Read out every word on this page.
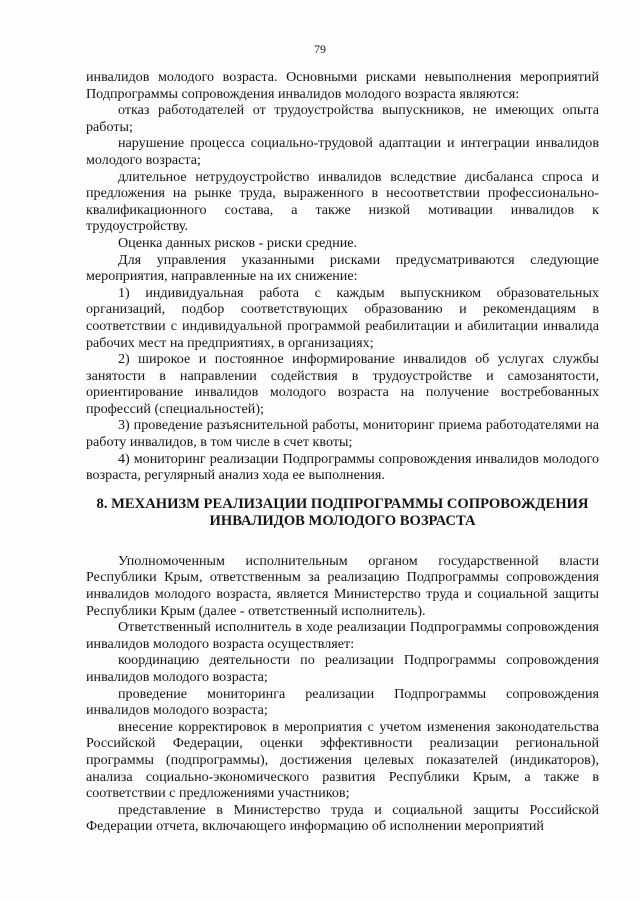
79

инвалидов молодого возраста. Основными рисками невыполнения мероприятий Подпрограммы сопровождения инвалидов молодого возраста являются:

отказ работодателей от трудоустройства выпускников, не имеющих опыта работы;

нарушение процесса социально-трудовой адаптации и интеграции инвалидов молодого возраста;

длительное нетрудоустройство инвалидов вследствие дисбаланса спроса и предложения на рынке труда, выраженного в несоответствии профессионально-квалификационного состава, а также низкой мотивации инвалидов к трудоустройству.

Оценка данных рисков - риски средние.

Для управления указанными рисками предусматриваются следующие мероприятия, направленные на их снижение:

1) индивидуальная работа с каждым выпускником образовательных организаций, подбор соответствующих образованию и рекомендациям в соответствии с индивидуальной программой реабилитации и абилитации инвалида рабочих мест на предприятиях, в организациях;

2) широкое и постоянное информирование инвалидов об услугах службы занятости в направлении содействия в трудоустройстве и самозанятости, ориентирование инвалидов молодого возраста на получение востребованных профессий (специальностей);

3) проведение разъяснительной работы, мониторинг приема работодателями на работу инвалидов, в том числе в счет квоты;

4) мониторинг реализации Подпрограммы сопровождения инвалидов молодого возраста, регулярный анализ хода ее выполнения.

8. МЕХАНИЗМ РЕАЛИЗАЦИИ ПОДПРОГРАММЫ СОПРОВОЖДЕНИЯ
ИНВАЛИДОВ МОЛОДОГО ВОЗРАСТА

Уполномоченным исполнительным органом государственной власти Республики Крым, ответственным за реализацию Подпрограммы сопровождения инвалидов молодого возраста, является Министерство труда и социальной защиты Республики Крым (далее - ответственный исполнитель).

Ответственный исполнитель в ходе реализации Подпрограммы сопровождения инвалидов молодого возраста осуществляет:

координацию деятельности по реализации Подпрограммы сопровождения инвалидов молодого возраста;

проведение мониторинга реализации Подпрограммы сопровождения инвалидов молодого возраста;

внесение корректировок в мероприятия с учетом изменения законодательства Российской Федерации, оценки эффективности реализации региональной программы (подпрограммы), достижения целевых показателей (индикаторов), анализа социально-экономического развития Республики Крым, а также в соответствии с предложениями участников;

представление в Министерство труда и социальной защиты Российской Федерации отчета, включающего информацию об исполнении мероприятий
